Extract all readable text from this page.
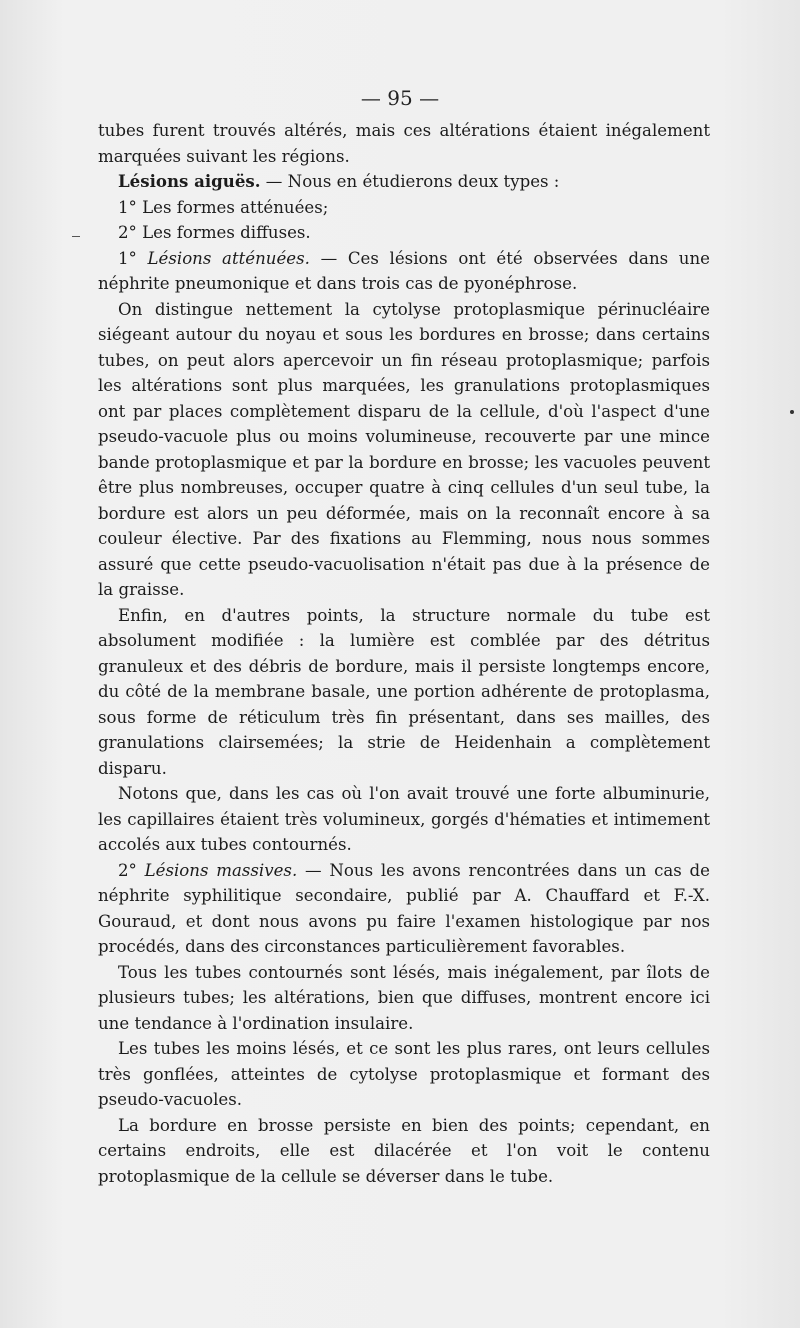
— 95 —

tubes furent trouvés altérés, mais ces altérations étaient inégalement marquées suivant les régions.

Lésions aiguës. — Nous en étudierons deux types :

1° Les formes atténuées;

2° Les formes diffuses.

1° Lésions atténuées. — Ces lésions ont été observées dans une néphrite pneumonique et dans trois cas de pyonéphrose.

On distingue nettement la cytolyse protoplasmique périnucléaire siégeant autour du noyau et sous les bordures en brosse; dans certains tubes, on peut alors apercevoir un fin réseau protoplasmique; parfois les altérations sont plus marquées, les granulations protoplasmiques ont par places complètement disparu de la cellule, d'où l'aspect d'une pseudo-vacuole plus ou moins volumineuse, recouverte par une mince bande protoplasmique et par la bordure en brosse; les vacuoles peuvent être plus nombreuses, occuper quatre à cinq cellules d'un seul tube, la bordure est alors un peu déformée, mais on la reconnaît encore à sa couleur élective. Par des fixations au Flemming, nous nous sommes assuré que cette pseudo-vacuolisation n'était pas due à la présence de la graisse.

Enfin, en d'autres points, la structure normale du tube est absolument modifiée : la lumière est comblée par des détritus granuleux et des débris de bordure, mais il persiste longtemps encore, du côté de la membrane basale, une portion adhérente de protoplasma, sous forme de réticulum très fin présentant, dans ses mailles, des granulations clairsemées; la strie de Heidenhain a complètement disparu.

Notons que, dans les cas où l'on avait trouvé une forte albuminurie, les capillaires étaient très volumineux, gorgés d'hématies et intimement accolés aux tubes contournés.

2° Lésions massives. — Nous les avons rencontrées dans un cas de néphrite syphilitique secondaire, publié par A. Chauffard et F.-X. Gouraud, et dont nous avons pu faire l'examen histologique par nos procédés, dans des circonstances particulièrement favorables.

Tous les tubes contournés sont lésés, mais inégalement, par îlots de plusieurs tubes; les altérations, bien que diffuses, montrent encore ici une tendance à l'ordination insulaire.

Les tubes les moins lésés, et ce sont les plus rares, ont leurs cellules très gonflées, atteintes de cytolyse protoplasmique et formant des pseudo-vacuoles.

La bordure en brosse persiste en bien des points; cependant, en certains endroits, elle est dilacérée et l'on voit le contenu protoplasmique de la cellule se déverser dans le tube.
